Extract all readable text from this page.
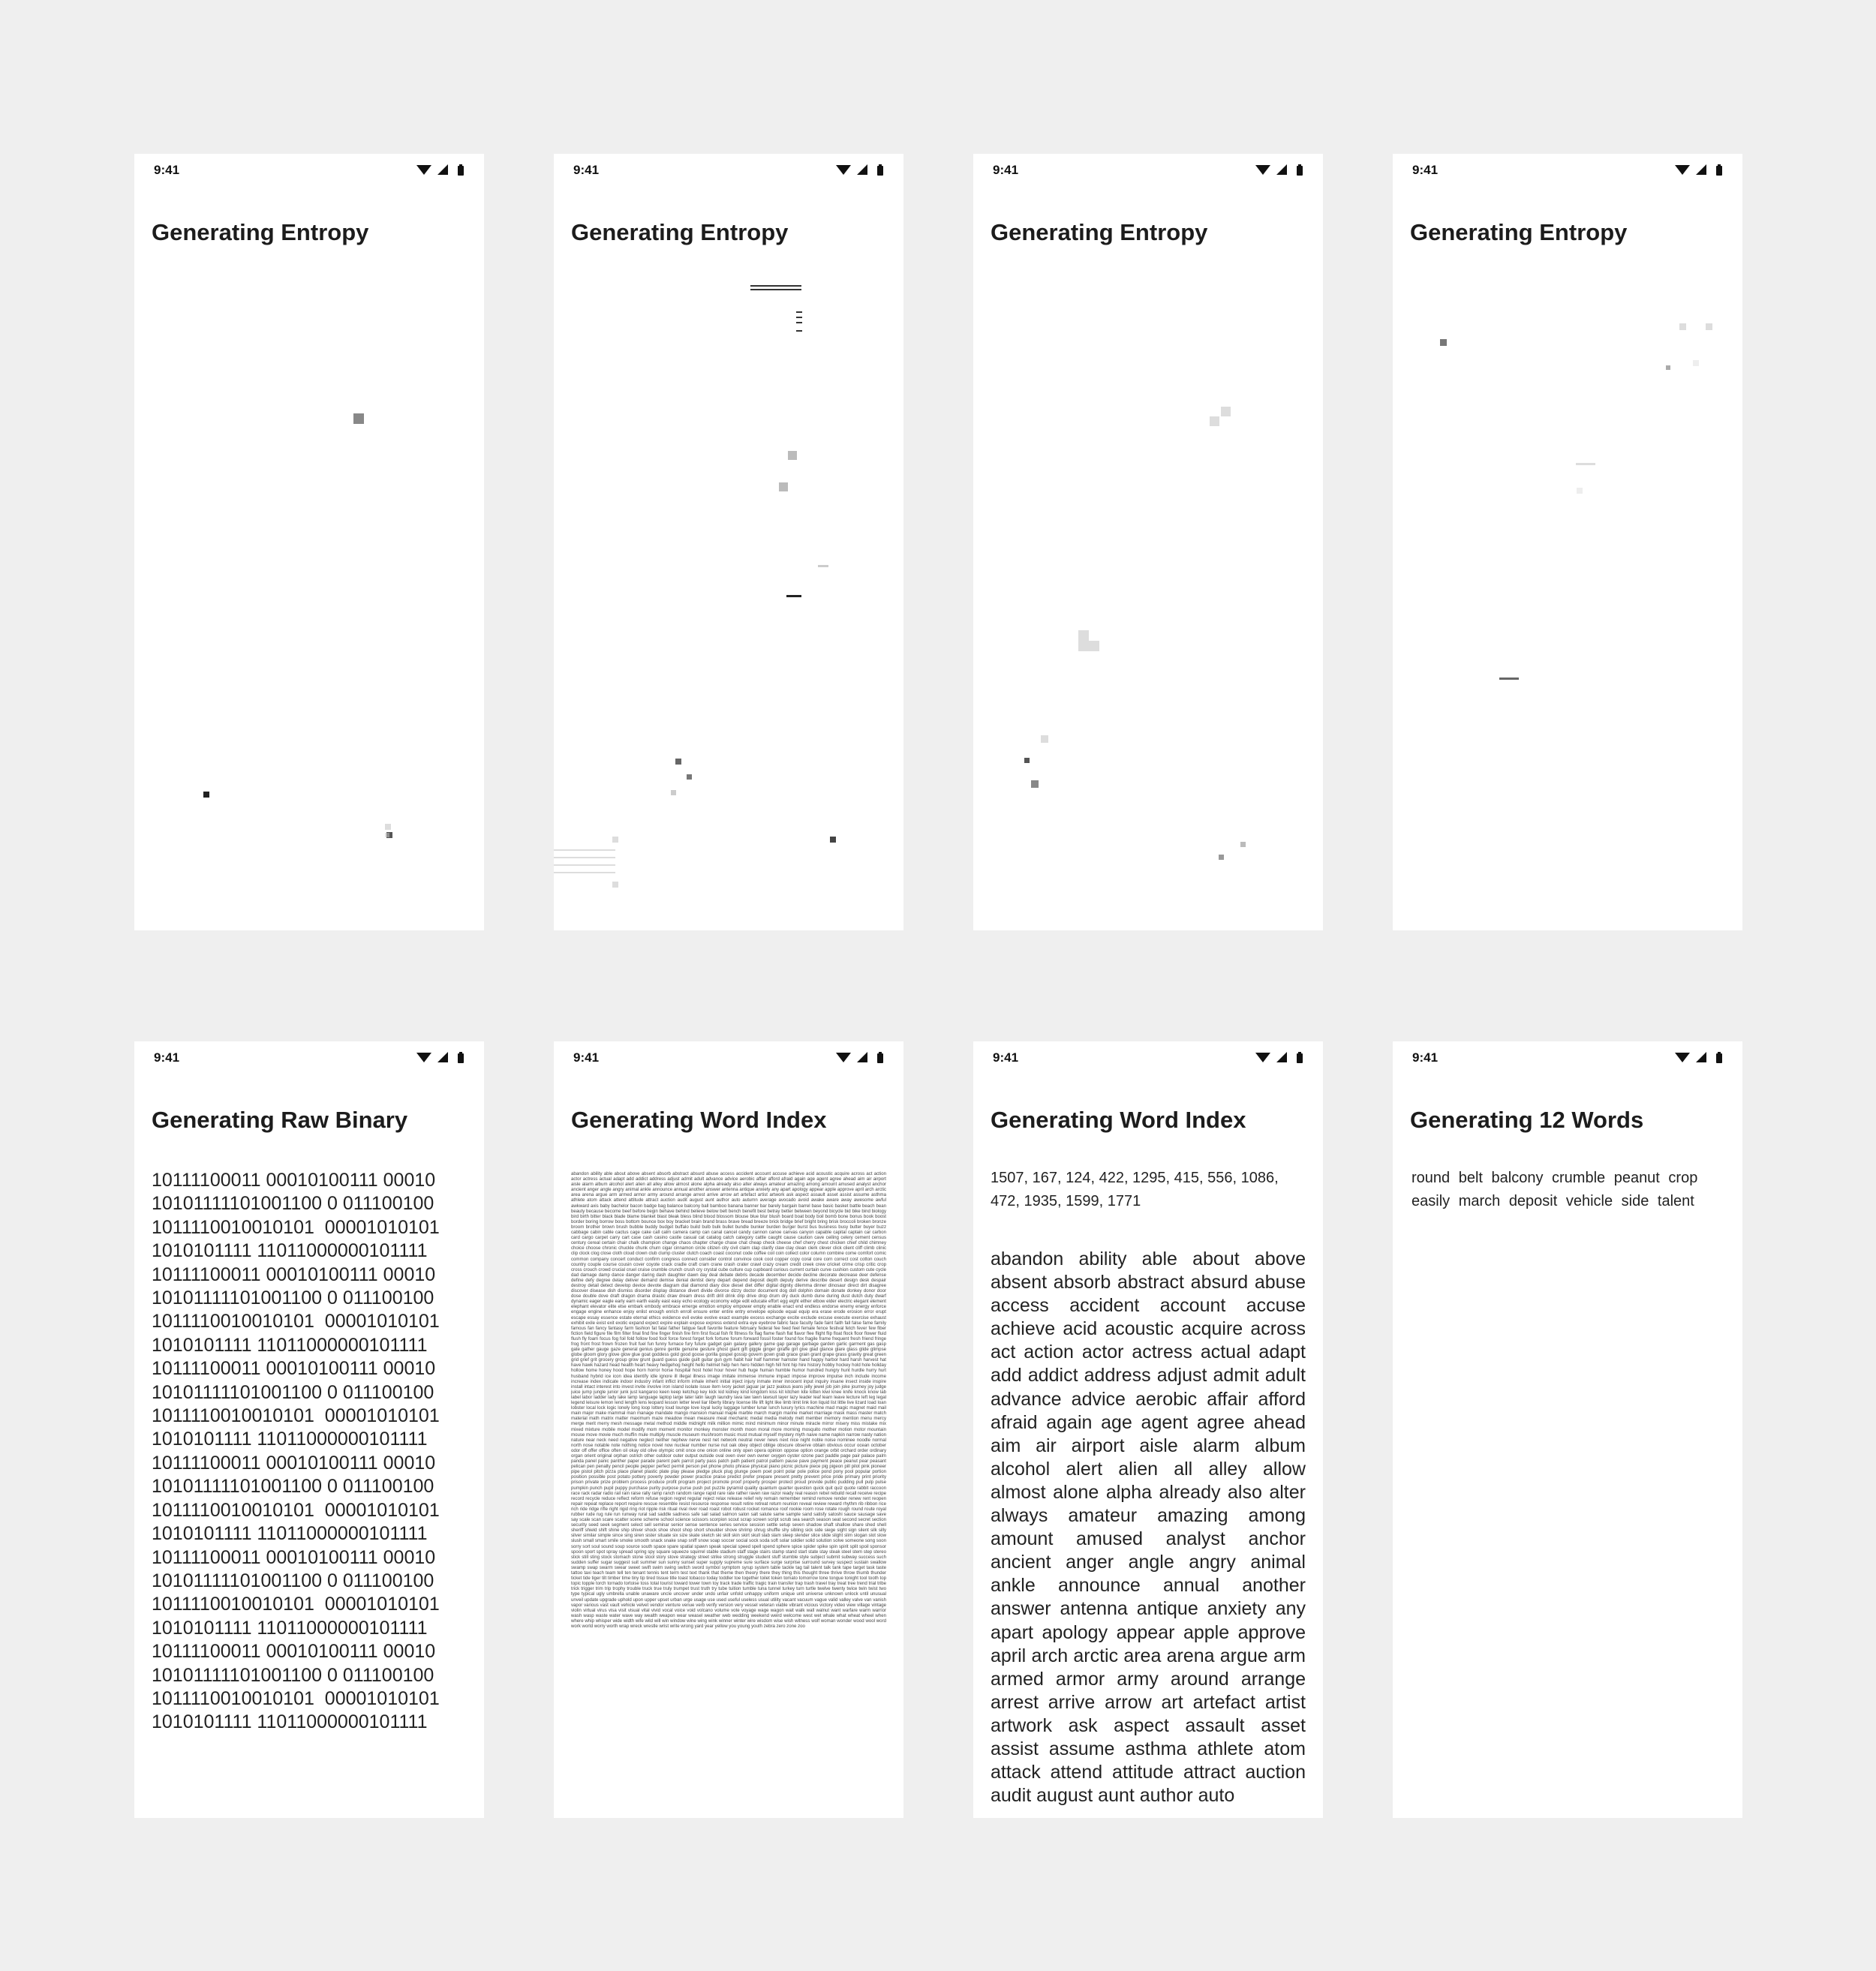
9:41
Generating Entropy
9:41
Generating Entropy
9:41
Generating Entropy
9:41
Generating Entropy
9:41
Generating Raw Binary
10111100011 00010100111 00010
10101111101001100 0 011100100
1011110010010101  00001010101
1010101111 11011000000101111
10111100011 00010100111 00010
10101111101001100 0 011100100
1011110010010101  00001010101
1010101111 11011000000101111
10111100011 00010100111 00010
10101111101001100 0 011100100
1011110010010101  00001010101
1010101111 11011000000101111
10111100011 00010100111 00010
10101111101001100 0 011100100
1011110010010101  00001010101
1010101111 11011000000101111
10111100011 00010100111 00010
10101111101001100 0 011100100
1011110010010101  00001010101
1010101111 11011000000101111
10111100011 00010100111 00010
10101111101001100 0 011100100
1011110010010101  00001010101
1010101111 11011000000101111
9:41
Generating Word Index
abandon ability able about above absent absorb abstract absurd abuse access accident account accuse achieve acid acoustic acquire across act action actor actress actual adapt add addict address adjust admit adult advance advice aerobic affair afford afraid again age agent agree ahead aim air airport aisle alarm album alcohol alert alien all alley allow almost alone alpha already also alter always amateur amazing among amount amused analyst anchor ancient anger angle angry animal ankle announce annual another answer antenna antique anxiety any apart apology appear apple approve april arch arctic area arena argue arm armed armor army around arrange arrest arrive arrow art artefact artist artwork ask aspect assault asset assist assume asthma athlete atom attack attend attitude attract auction audit august aunt author auto autumn average avocado avoid awake aware away awesome awful awkward axis baby bachelor bacon badge bag balance balcony ball bamboo banana banner bar barely bargain barrel base basic basket battle beach bean beauty because become beef before begin behave behind believe below belt bench benefit best betray better between beyond bicycle bid bike bind biology bird birth bitter black blade blame blanket blast bleak bless blind blood blossom blouse blue blur blush board boat body boil bomb bone bonus book boost border boring borrow boss bottom bounce box boy bracket brain brand brass brave bread breeze brick bridge brief bright bring brisk broccoli broken bronze broom brother brown brush bubble buddy budget buffalo build bulb bulk bullet bundle bunker burden burger burst bus business busy butter buyer buzz cabbage cabin cable cactus cage cake call calm camera camp can canal cancel candy cannon canoe canvas canyon capable capital captain car carbon card cargo carpet carry cart case cash casino castle casual cat catalog catch category cattle caught cause caution cave ceiling celery cement census century cereal certain chair chalk champion change chaos chapter charge chase chat cheap check cheese chef cherry chest chicken chief child chimney choice choose chronic chuckle chunk churn cigar cinnamon circle citizen city civil claim clap clarify claw clay clean clerk clever click client cliff climb clinic clip clock clog close cloth cloud clown club clump cluster clutch coach coast coconut code coffee coil coin collect color column combine come comfort comic common company concert conduct confirm congress connect consider control convince cook cool copper copy coral core corn correct cost cotton couch country couple course cousin cover coyote crack cradle craft cram crane crash crater crawl crazy cream credit creek crew cricket crime crisp critic crop cross crouch crowd crucial cruel cruise crumble crunch crush cry crystal cube culture cup cupboard curious current curtain curve cushion custom cute cycle dad damage damp dance danger daring dash daughter dawn day deal debate debris decade december decide decline decorate decrease deer defense define defy degree delay deliver demand demise denial dentist deny depart depend deposit depth deputy derive describe desert design desk despair destroy detail detect develop device devote diagram dial diamond diary dice diesel diet differ digital dignity dilemma dinner dinosaur direct dirt disagree discover disease dish dismiss disorder display distance divert divide divorce dizzy doctor document dog doll dolphin domain donate donkey donor door dose double dove draft dragon drama drastic draw dream dress drift drill drink drip drive drop drum dry duck dumb dune during dust dutch duty dwarf dynamic eager eagle early earn earth easily east easy echo ecology economy edge edit educate effort egg eight either elbow elder electric elegant element elephant elevator elite else embark embody embrace emerge emotion employ empower empty enable enact end endless endorse enemy energy enforce engage engine enhance enjoy enlist enough enrich enroll ensure enter entire entry envelope episode equal equip era erase erode erosion error erupt escape essay essence estate eternal ethics evidence evil evoke evolve exact example excess exchange excite exclude excuse execute exercise exhaust exhibit exile exist exit exotic expand expect expire explain expose express extend extra eye eyebrow fabric face faculty fade faint faith fall false fame family famous fan fancy fantasy farm fashion fat fatal father fatigue fault favorite feature february federal fee feed feel female fence festival fetch fever few fiber fiction field figure file film filter final find fine finger finish fire firm first fiscal fish fit fitness fix flag flame flash flat flavor flee flight flip float flock floor flower fluid flush fly foam focus fog foil fold follow food foot force forest forget fork fortune forum forward fossil foster found fox fragile frame frequent fresh friend fringe frog front frost frown frozen fruit fuel fun funny furnace fury future gadget gain galaxy gallery game gap garage garbage garden garlic garment gas gasp gate gather gauge gaze general genius genre gentle genuine gesture ghost giant gift giggle ginger giraffe girl give glad glance glare glass glide glimpse globe gloom glory glove glow glue goat goddess gold good goose gorilla gospel gossip govern gown grab grace grain grant grape grass gravity great green grid grief grit grocery group grow grunt guard guess guide guilt guitar gun gym habit hair half hammer hamster hand happy harbor hard harsh harvest hat have hawk hazard head health heart heavy hedgehog height hello helmet help hen hero hidden high hill hint hip hire history hobby hockey hold hole holiday hollow home honey hood hope horn horror horse hospital host hotel hour hover hub huge human humble humor hundred hungry hunt hurdle hurry hurt husband hybrid ice icon idea identify idle ignore ill illegal illness image imitate immense immune impact impose improve impulse inch include income increase index indicate indoor industry infant inflict inform inhale inherit initial inject injury inmate inner innocent input inquiry insane insect inside inspire install intact interest into invest invite involve iron island isolate issue item ivory jacket jaguar jar jazz jealous jeans jelly jewel job join joke journey joy judge juice jump jungle junior junk just kangaroo keen keep ketchup key kick kid kidney kind kingdom kiss kit kitchen kite kitten kiwi knee knife knock know lab label labor ladder lady lake lamp language laptop large later latin laugh laundry lava law lawn lawsuit layer lazy leader leaf learn leave lecture left leg legal legend leisure lemon lend length lens leopard lesson letter level liar liberty library license life lift light like limb limit link lion liquid list little live lizard load loan lobster local lock logic lonely long loop lottery loud lounge love loyal lucky luggage lumber lunar lunch luxury lyrics machine mad magic magnet maid mail main major make mammal man manage mandate mango mansion manual maple marble march margin marine market marriage mask mass master match material math matrix matter maximum maze meadow mean measure meat mechanic medal media melody melt member memory mention menu mercy merge merit merry mesh message metal method middle midnight milk million mimic mind minimum minor minute miracle mirror misery miss mistake mix mixed mixture mobile model modify mom moment monitor monkey monster month moon moral more morning mosquito mother motion motor mountain mouse move movie much muffin mule multiply muscle museum mushroom music must mutual myself mystery myth naive name napkin narrow nasty nation nature near neck need negative neglect neither nephew nerve nest net network neutral never news next nice night noble noise nominee noodle normal north nose notable note nothing notice novel now nuclear number nurse nut oak obey object oblige obscure observe obtain obvious occur ocean october odor off offer office often oil okay old olive olympic omit once one onion online only open opera opinion oppose option orange orbit orchard order ordinary organ orient original orphan ostrich other outdoor outer output outside oval oven over own owner oxygen oyster ozone pact paddle page pair palace palm panda panel panic panther paper parade parent park parrot party pass patch path patient patrol pattern pause pave payment peace peanut pear peasant pelican pen penalty pencil people pepper perfect permit person pet phone photo phrase physical piano picnic picture piece pig pigeon pill pilot pink pioneer pipe pistol pitch pizza place planet plastic plate play please pledge pluck plug plunge poem poet point polar pole police pond pony pool popular portion position possible post potato pottery poverty powder power practice praise predict prefer prepare present pretty prevent price pride primary print priority prison private prize problem process produce profit program project promote proof property prosper protect proud provide public pudding pull pulp pulse pumpkin punch pupil puppy purchase purity purpose purse push put puzzle pyramid quality quantum quarter question quick quit quiz quote rabbit raccoon race rack radar radio rail rain raise rally ramp ranch random range rapid rare rate rather raven raw razor ready real reason rebel rebuild recall receive recipe record recycle reduce reflect reform refuse region regret regular reject relax release relief rely remain remember remind remove render renew rent reopen repair repeat replace report require rescue resemble resist resource response result retire retreat return reunion reveal review reward rhythm rib ribbon rice rich ride ridge rifle right rigid ring riot ripple risk ritual rival river road roast robot robust rocket romance roof rookie room rose rotate rough round route royal rubber rude rug rule run runway rural sad saddle sadness safe sail salad salmon salon salt salute same sample sand satisfy satoshi sauce sausage save say scale scan scare scatter scene scheme school science scissors scorpion scout scrap screen script scrub sea search season seat second secret section security seed seek segment select sell seminar senior sense sentence series service session settle setup seven shadow shaft shallow share shed shell sheriff shield shift shine ship shiver shock shoe shoot shop short shoulder shove shrimp shrug shuffle shy sibling sick side siege sight sign silent silk silly silver similar simple since sing siren sister situate six size skate sketch ski skill skin skirt skull slab slam sleep slender slice slide slight slim slogan slot slow slush small smart smile smoke smooth snack snake snap sniff snow soap soccer social sock soda soft solar soldier solid solution solve someone song soon sorry sort soul sound soup source south space spare spatial spawn speak special speed spell spend sphere spice spider spike spin spirit split spoil sponsor spoon sport spot spray spread spring spy square squeeze squirrel stable stadium staff stage stairs stamp stand start state stay steak steel stem step stereo stick still sting stock stomach stone stool story stove strategy street strike strong struggle student stuff stumble style subject submit subway success such sudden suffer sugar suggest suit summer sun sunny sunset super supply supreme sure surface surge surprise surround survey suspect sustain swallow swamp swap swarm swear sweet swift swim swing switch sword symbol symptom syrup system table tackle tag tail talent talk tank tape target task taste tattoo taxi teach team tell ten tenant tennis tent term test text thank that theme then theory there they thing this thought three thrive throw thumb thunder ticket tide tiger tilt timber time tiny tip tired tissue title toast tobacco today toddler toe together toilet token tomato tomorrow tone tongue tonight tool tooth top topic topple torch tornado tortoise toss total tourist toward tower town toy track trade traffic tragic train transfer trap trash travel tray treat tree trend trial tribe trick trigger trim trip trophy trouble truck true truly trumpet trust truth try tube tuition tumble tuna tunnel turkey turn turtle twelve twenty twice twin twist two type typical ugly umbrella unable unaware uncle uncover under undo unfair unfold unhappy uniform unique unit universe unknown unlock until unusual unveil update upgrade uphold upon upper upset urban urge usage use used useful useless usual utility vacant vacuum vague valid valley valve van vanish vapor various vast vault vehicle velvet vendor venture venue verb verify version very vessel veteran viable vibrant vicious victory video view village vintage violin virtual virus visa visit visual vital vivid vocal voice void volcano volume vote voyage wage wagon wait walk wall walnut want warfare warm warrior wash wasp waste water wave way wealth weapon wear weasel weather web wedding weekend weird welcome west wet whale what wheat wheel when where whip whisper wide width wife wild will win window wine wing wink winner winter wire wisdom wise wish witness wolf woman wonder wood wool word work world worry worth wrap wreck wrestle wrist write wrong yard year yellow you young youth zebra zero zone zoo
9:41
Generating Word Index
1507, 167, 124, 422, 1295, 415, 556, 1086, 472, 1935, 1599, 1771
abandon ability able about above absent absorb abstract absurd abuse access accident account accuse achieve acid acoustic acquire across act action actor actress actual adapt add addict address adjust admit adult advance advice aerobic affair afford afraid again age agent agree ahead aim air airport aisle alarm album alcohol alert alien all alley allow almost alone alpha already also alter always amateur amazing among amount amused analyst anchor ancient anger angle angry animal ankle announce annual another answer antenna antique anxiety any apart apology appear apple approve april arch arctic area arena argue arm armed armor army around arrange arrest arrive arrow art artefact artist artwork ask aspect assault asset assist assume asthma athlete atom attack attend attitude attract auction audit august aunt author auto
9:41
Generating 12 Words
round belt balcony crumble peanut crop easily march deposit vehicle side talent
